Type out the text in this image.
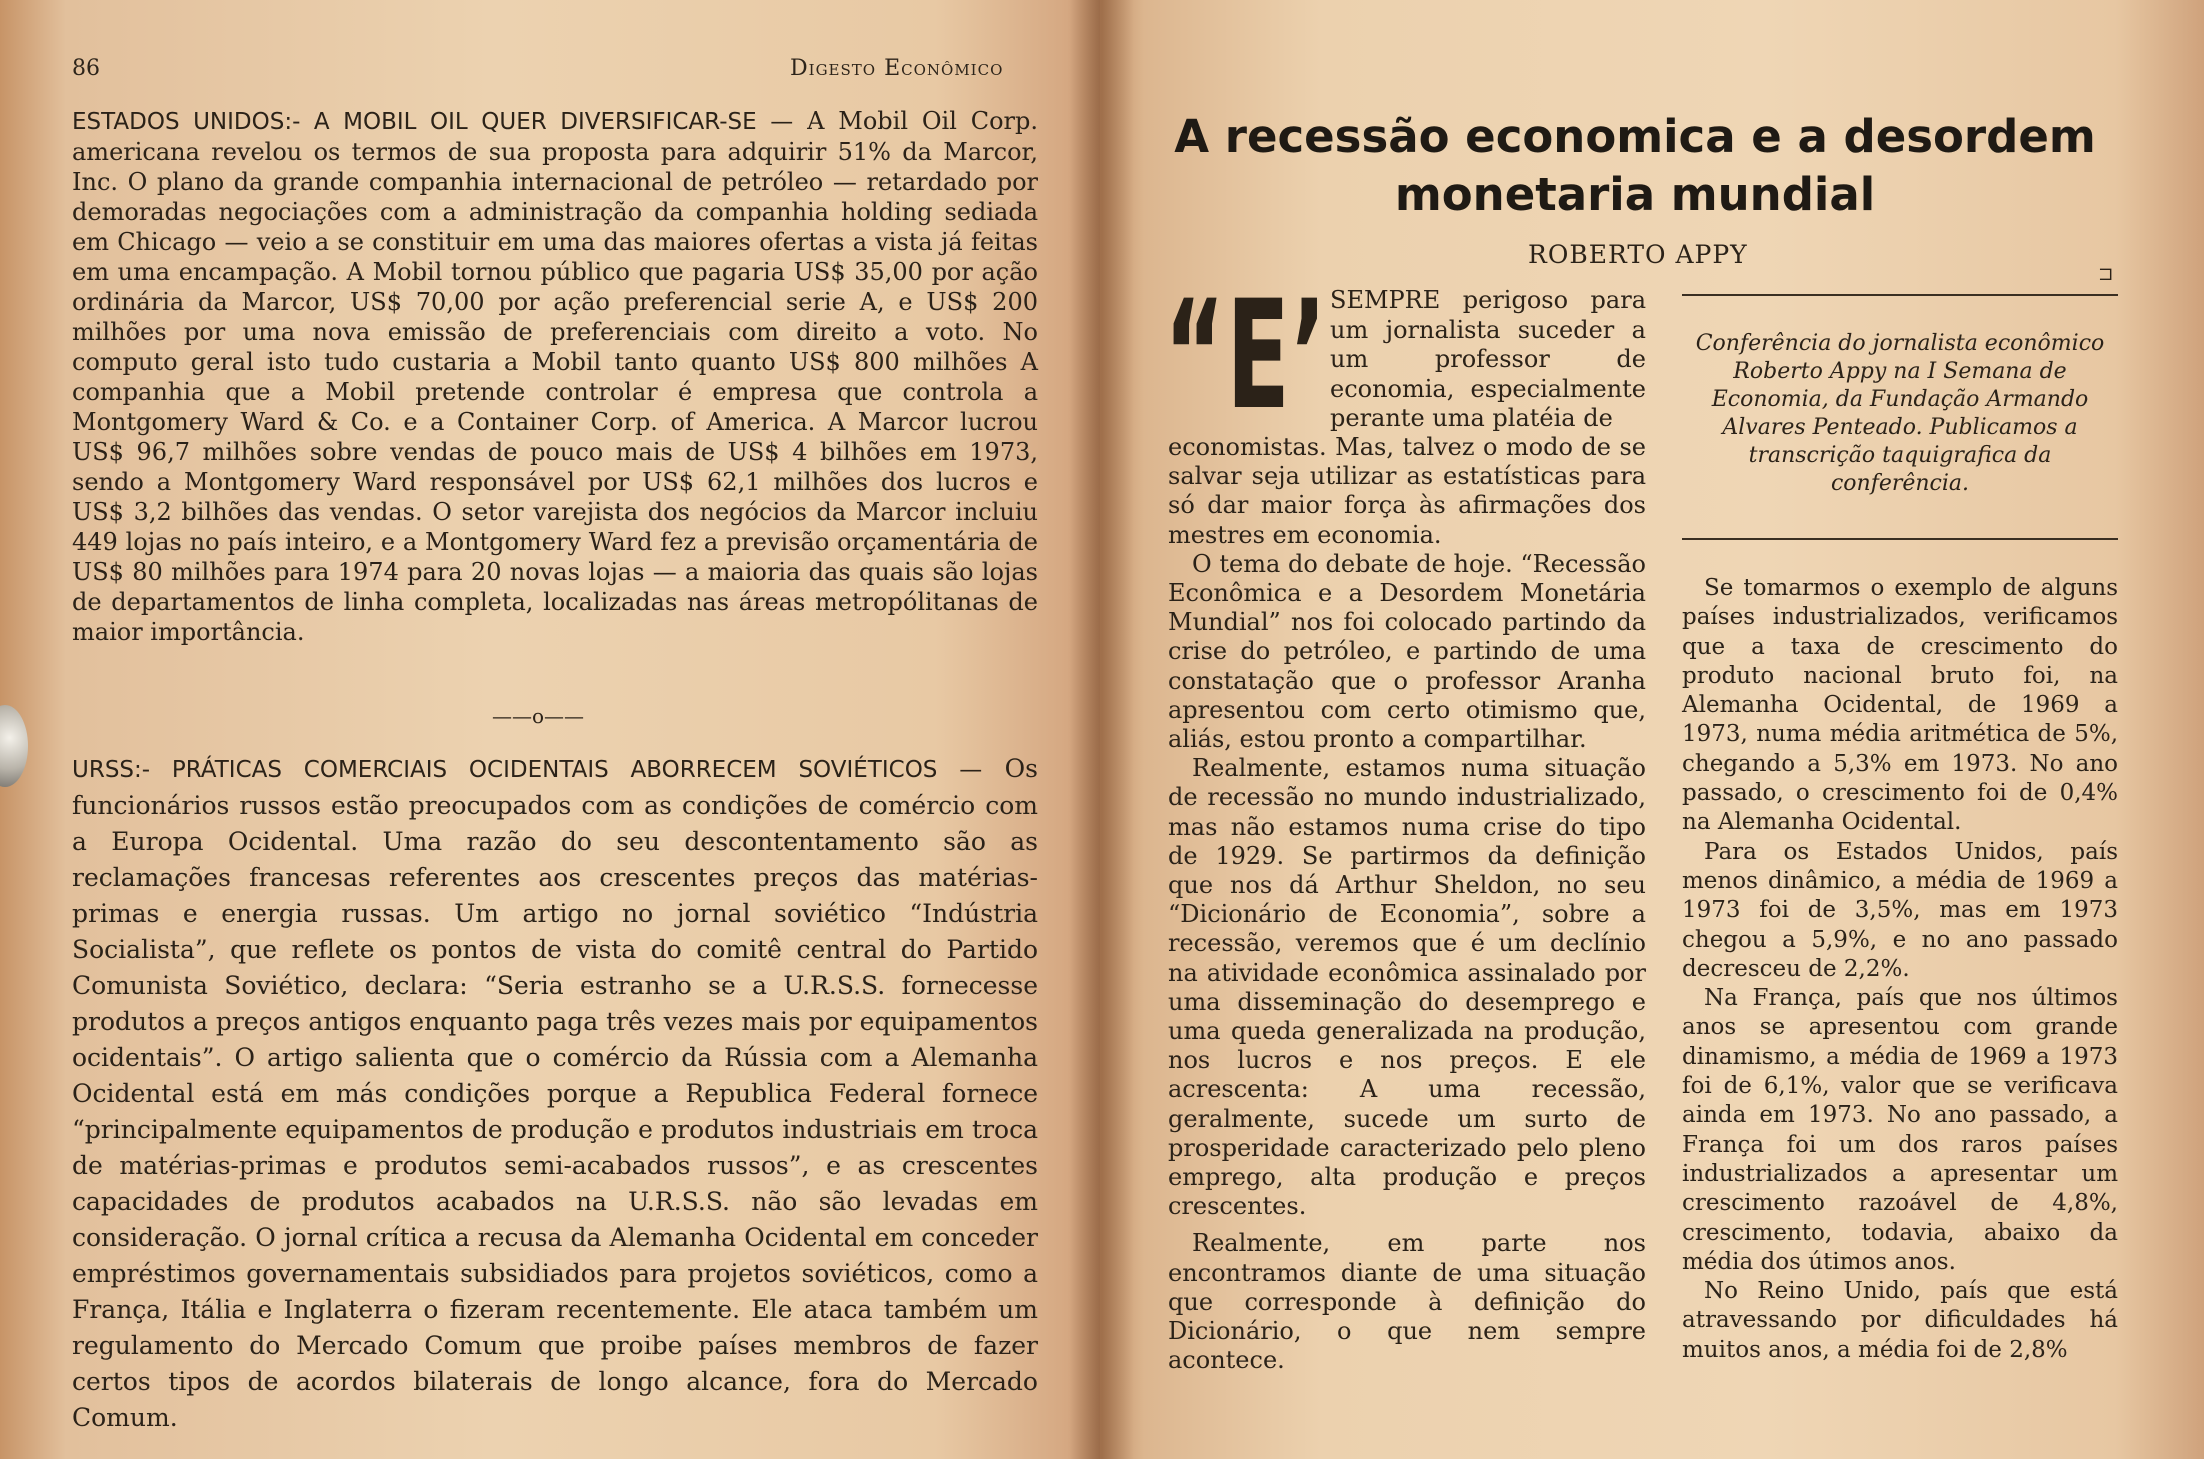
86	Digesto Econômico

ESTADOS UNIDOS:- A MOBIL OIL QUER DIVERSIFICAR-SE — A Mobil Oil Corp. americana revelou os termos de sua proposta para adquirir 51% da Marcor, Inc. O plano da grande companhia internacional de petróleo — retardado por demoradas negociações com a administração da companhia holding sediada em Chicago — veio a se constituir em uma das maiores ofertas a vista já feitas em uma encampação. A Mobil tornou público que pagaria US$ 35,00 por ação ordinária da Marcor, US$ 70,00 por ação preferencial serie A, e US$ 200 milhões por uma nova emissão de preferenciais com direito a voto. No computo geral isto tudo custaria a Mobil tanto quanto US$ 800 milhões A companhia que a Mobil pretende controlar é empresa que controla a Montgomery Ward & Co. e a Container Corp. of America. A Marcor lucrou US$ 96,7 milhões sobre vendas de pouco mais de US$ 4 bilhões em 1973, sendo a Montgomery Ward responsável por US$ 62,1 milhões dos lucros e US$ 3,2 bilhões das vendas. O setor varejista dos negócios da Marcor incluiu 449 lojas no país inteiro, e a Montgomery Ward fez a previsão orçamentária de US$ 80 milhões para 1974 para 20 novas lojas — a maioria das quais são lojas de departamentos de linha completa, localizadas nas áreas metropólitanas de maior importância.

——o——

URSS:- PRÁTICAS COMERCIAIS OCIDENTAIS ABORRECEM SOVIÉTICOS — Os funcionários russos estão preocupados com as condições de comércio com a Europa Ocidental. Uma razão do seu descontentamento são as reclamações francesas referentes aos crescentes preços das matérias-primas e energia russas. Um artigo no jornal soviético “Indústria Socialista”, que reflete os pontos de vista do comitê central do Partido Comunista Soviético, declara: “Seria estranho se a U.R.S.S. fornecesse produtos a preços antigos enquanto paga três vezes mais por equipamentos ocidentais”. O artigo salienta que o comércio da Rússia com a Alemanha Ocidental está em más condições porque a Republica Federal fornece “principalmente equipamentos de produção e produtos industriais em troca de matérias-primas e produtos semi-acabados russos”, e as crescentes capacidades de produtos acabados na U.R.S.S. não são levadas em consideração. O jornal crítica a recusa da Alemanha Ocidental em conceder empréstimos governamentais subsidiados para projetos soviéticos, como a França, Itália e Inglaterra o fizeram recentemente. Ele ataca também um regulamento do Mercado Comum que proibe países membros de fazer certos tipos de acordos bilaterais de longo alcance, fora do Mercado Comum.

A recessão economica e a desordem monetaria mundial
ROBERTO APPY
“E’ SEMPRE perigoso para um jornalista suceder a um professor de economia, especialmente perante uma platéia de

economistas. Mas, talvez o modo de se salvar seja utilizar as estatísticas para só dar maior força às afirmações dos mestres em economia.

O tema do debate de hoje. “Recessão Econômica e a Desordem Monetária Mundial” nos foi colocado partindo da crise do petróleo, e partindo de uma constatação que o professor Aranha apresentou com certo otimismo que, aliás, estou pronto a compartilhar.

Realmente, estamos numa situação de recessão no mundo industrializado, mas não estamos numa crise do tipo de 1929. Se partirmos da definição que nos dá Arthur Sheldon, no seu “Dicionário de Economia”, sobre a recessão, veremos que é um declínio na atividade econômica assinalado por uma disseminação do desemprego e uma queda generalizada na produção, nos lucros e nos preços. E ele acrescenta: A uma recessão, geralmente, sucede um surto de prosperidade caracterizado pelo pleno emprego, alta produção e preços crescentes.

Realmente, em parte nos encontramos diante de uma situação que corresponde à definição do Dicionário, o que nem sempre acontece.

⊐

Conferência do jornalista econômico Roberto Appy na I Semana de Economia, da Fundação Armando Alvares Penteado. Publicamos a transcrição taquigrafica da conferência.

Se tomarmos o exemplo de alguns países industrializados, verificamos que a taxa de crescimento do produto nacional bruto foi, na Alemanha Ocidental, de 1969 a 1973, numa média aritmética de 5%, chegando a 5,3% em 1973. No ano passado, o crescimento foi de 0,4% na Alemanha Ocidental.

Para os Estados Unidos, país menos dinâmico, a média de 1969 a 1973 foi de 3,5%, mas em 1973 chegou a 5,9%, e no ano passado decresceu de 2,2%.

Na França, país que nos últimos anos se apresentou com grande dinamismo, a média de 1969 a 1973 foi de 6,1%, valor que se verificava ainda em 1973. No ano passado, a França foi um dos raros países industrializados a apresentar um crescimento razoável de 4,8%, crescimento, todavia, abaixo da média dos útimos anos.

No Reino Unido, país que está atravessando por dificuldades há muitos anos, a média foi de 2,8%
